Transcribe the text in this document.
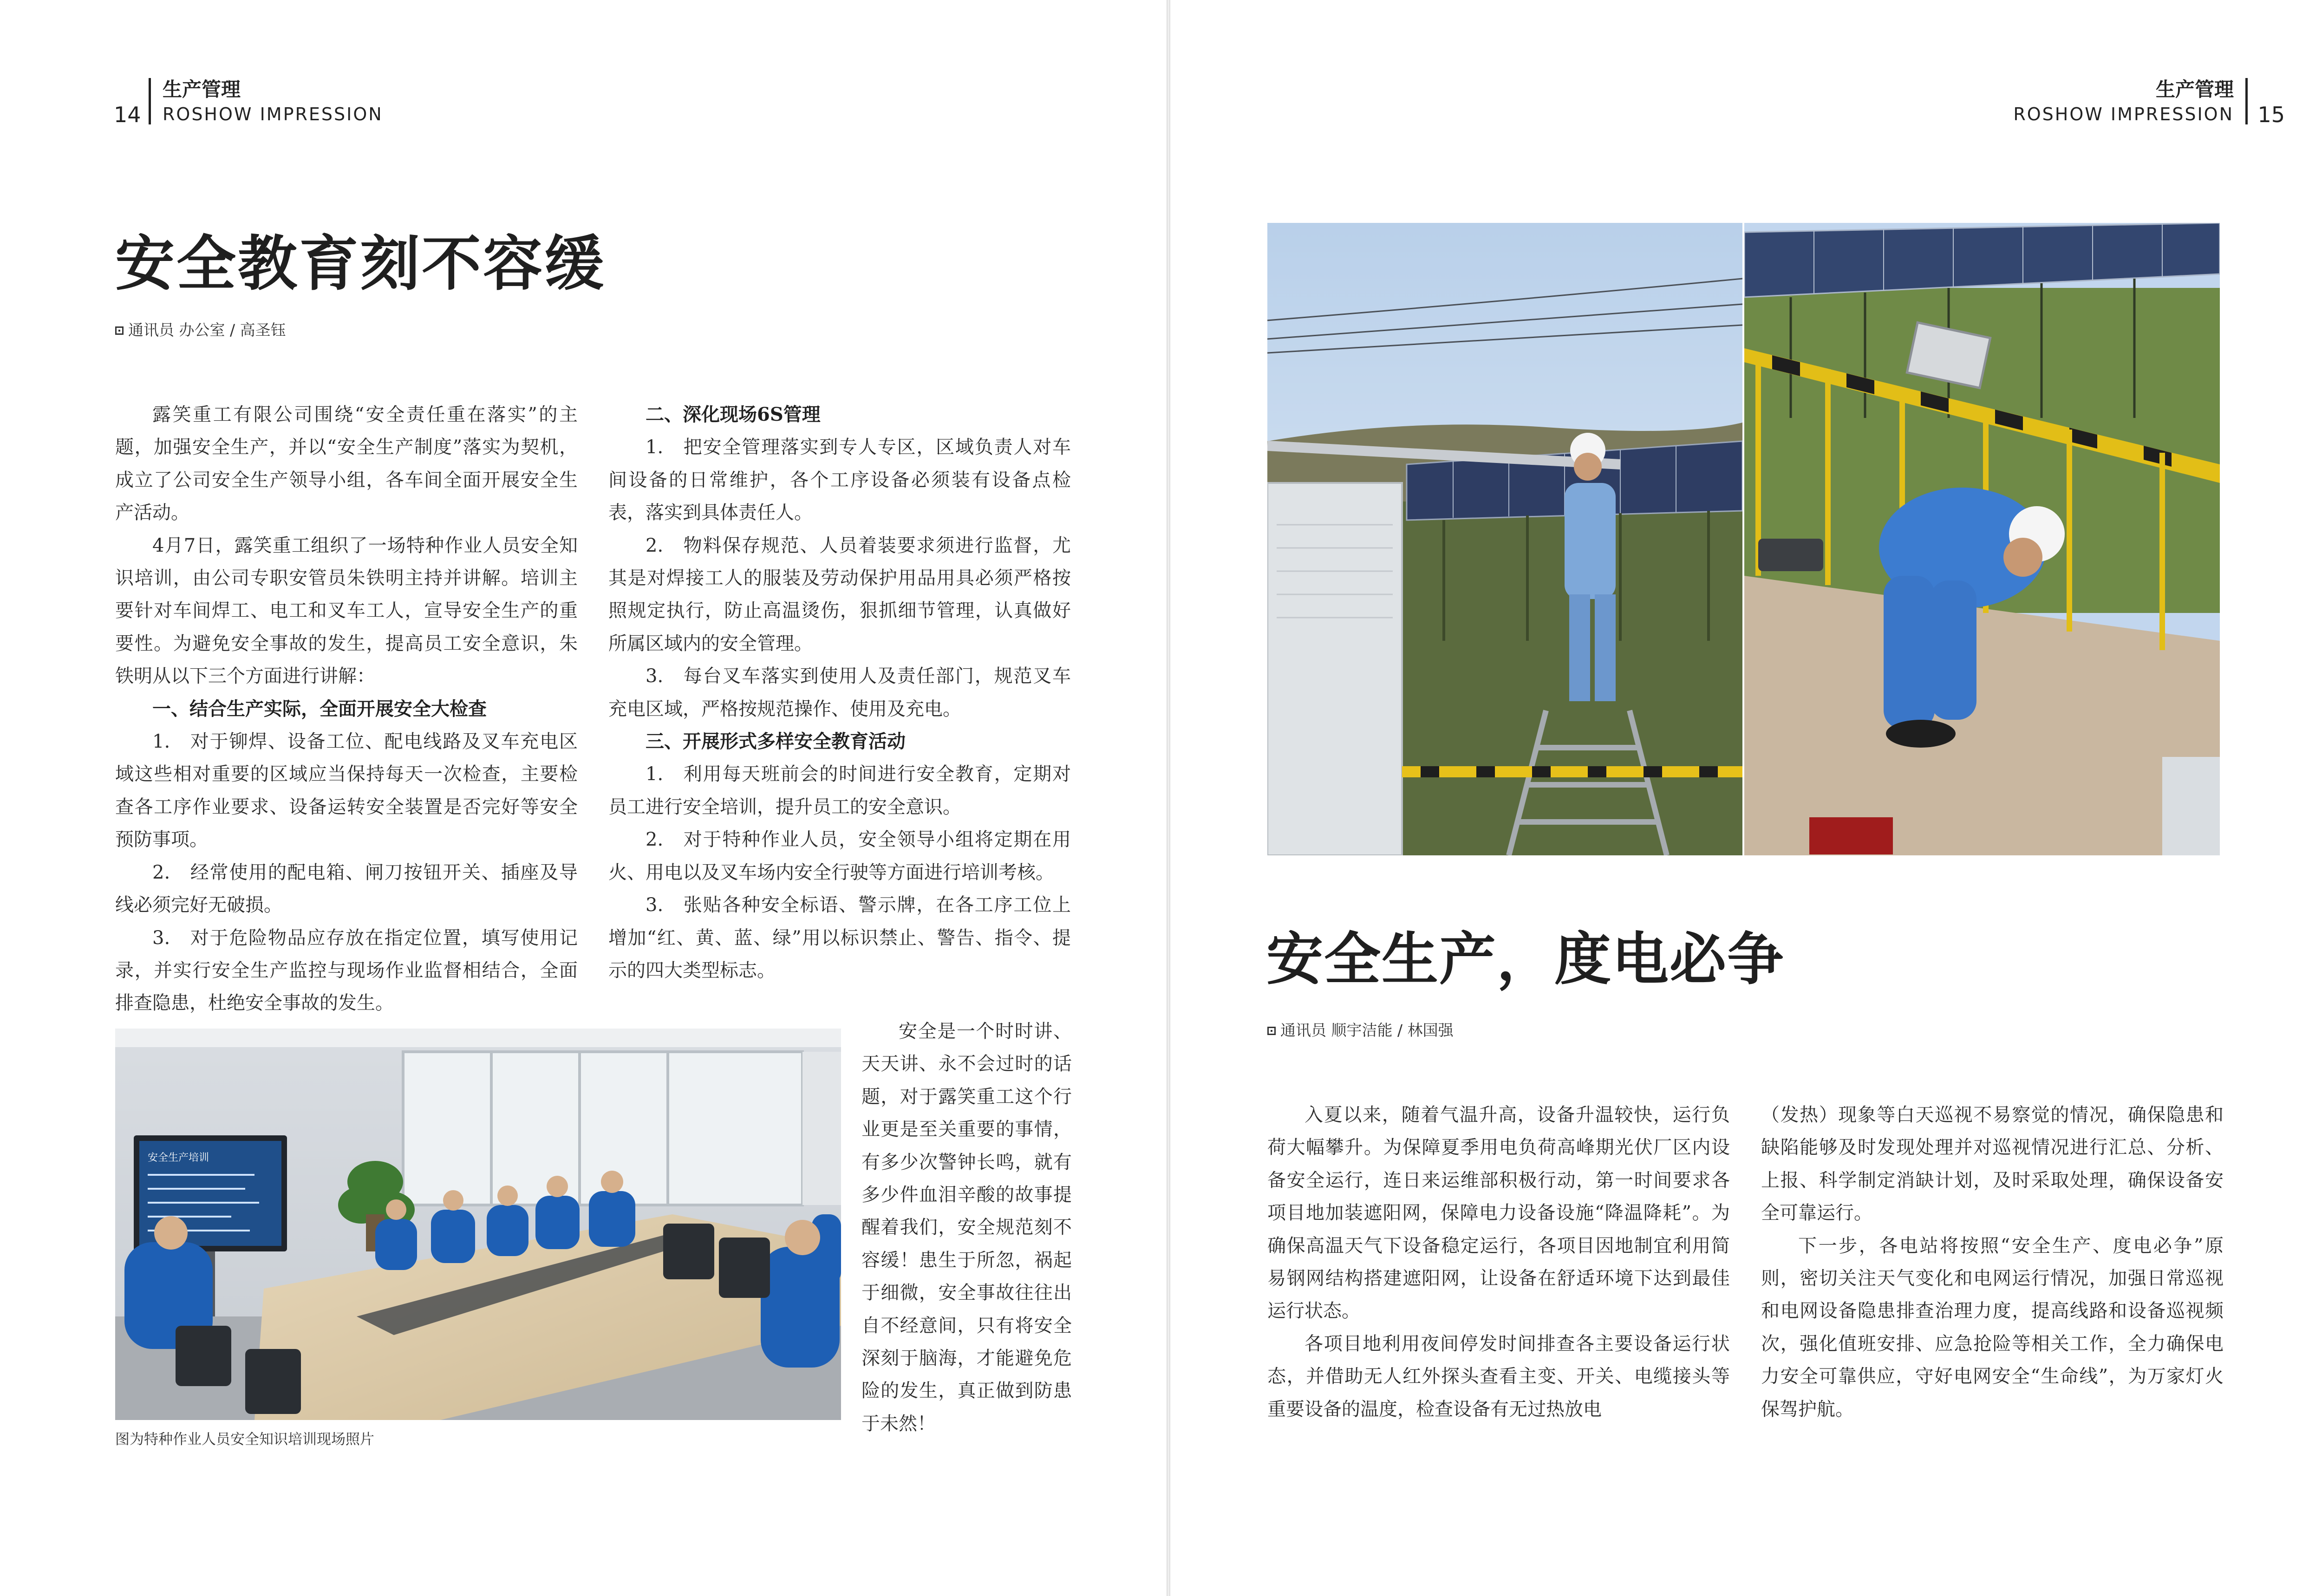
14
生产管理
ROSHOW IMPRESSION
安全教育刻不容缓
通讯员 办公室 / 高圣钰

露笑重工有限公司围绕“安全责任重在落实”的主题，加强安全生产，并以“安全生产制度”落实为契机，成立了公司安全生产领导小组，各车间全面开展安全生产活动。

4月7日，露笑重工组织了一场特种作业人员安全知识培训，由公司专职安管员朱铁明主持并讲解。培训主要针对车间焊工、电工和叉车工人，宣导安全生产的重要性。为避免安全事故的发生，提高员工安全意识，朱铁明从以下三个方面进行讲解：

一、结合生产实际，全面开展安全大检查

1.　对于铆焊、设备工位、配电线路及叉车充电区域这些相对重要的区域应当保持每天一次检查，主要检查各工序作业要求、设备运转安全装置是否完好等安全预防事项。

2.　经常使用的配电箱、闸刀按钮开关、插座及导线必须完好无破损。

3.　对于危险物品应存放在指定位置，填写使用记录，并实行安全生产监控与现场作业监督相结合，全面排查隐患，杜绝安全事故的发生。

二、深化现场6S管理

1.　把安全管理落实到专人专区，区域负责人对车间设备的日常维护，各个工序设备必须装有设备点检表，落实到具体责任人。

2.　物料保存规范、人员着装要求须进行监督，尤其是对焊接工人的服装及劳动保护用品用具必须严格按照规定执行，防止高温烫伤，狠抓细节管理，认真做好所属区域内的安全管理。

3.　每台叉车落实到使用人及责任部门，规范叉车充电区域，严格按规范操作、使用及充电。

三、开展形式多样安全教育活动

1.　利用每天班前会的时间进行安全教育，定期对员工进行安全培训，提升员工的安全意识。

2.　对于特种作业人员，安全领导小组将定期在用火、用电以及叉车场内安全行驶等方面进行培训考核。

3.　张贴各种安全标语、警示牌，在各工序工位上增加“红、黄、蓝、绿”用以标识禁止、警告、指令、提示的四大类型标志。

安全生产培训
图为特种作业人员安全知识培训现场照片

安全是一个时时讲、天天讲、永不会过时的话题，对于露笑重工这个行业更是至关重要的事情，有多少次警钟长鸣，就有多少件血泪辛酸的故事提醒着我们，安全规范刻不容缓！患生于所忽，祸起于细微，安全事故往往出自不经意间，只有将安全深刻于脑海，才能避免危险的发生，真正做到防患于未然！

生产管理
ROSHOW IMPRESSION 15
安全生产，度电必争
通讯员 顺宇洁能 / 林国强

入夏以来，随着气温升高，设备升温较快，运行负荷大幅攀升。为保障夏季用电负荷高峰期光伏厂区内设备安全运行，连日来运维部积极行动，第一时间要求各项目地加装遮阳网，保障电力设备设施“降温降耗”。为确保高温天气下设备稳定运行，各项目因地制宜利用简易钢网结构搭建遮阳网，让设备在舒适环境下达到最佳运行状态。

各项目地利用夜间停发时间排查各主要设备运行状态，并借助无人红外探头查看主变、开关、电缆接头等重要设备的温度，检查设备有无过热放电

（发热）现象等白天巡视不易察觉的情况，确保隐患和缺陷能够及时发现处理并对巡视情况进行汇总、分析、上报、科学制定消缺计划，及时采取处理，确保设备安全可靠运行。

下一步，各电站将按照“安全生产、度电必争”原则，密切关注天气变化和电网运行情况，加强日常巡视和电网设备隐患排查治理力度，提高线路和设备巡视频次，强化值班安排、应急抢险等相关工作，全力确保电力安全可靠供应，守好电网安全“生命线”，为万家灯火保驾护航。
